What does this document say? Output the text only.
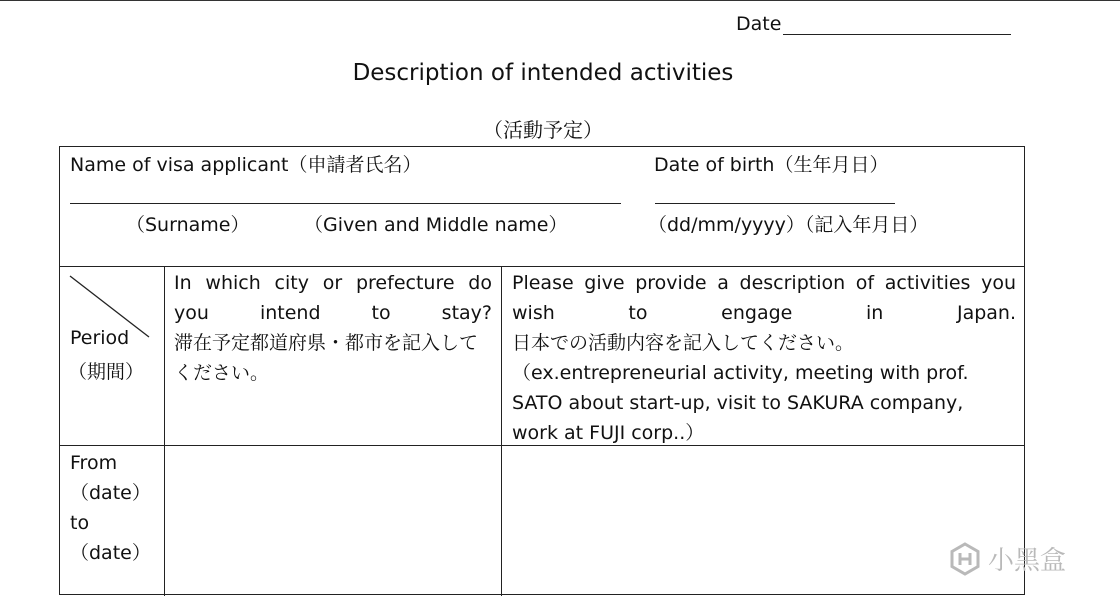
Date
Description of intended activities
（活動予定）
Name of visa applicant（申請者氏名）
（Surname）	（Given and Middle name）
Date of birth（生年月日）
（dd/mm/yyyy）（記入年月日）
Period
（期間）
In which city or prefecture do you intend to stay?
滞在予定都道府県・都市を記入してください。
Please give provide a description of activities you wish to engage in Japan.
日本での活動内容を記入してください。
（ex.entrepreneurial activity, meeting with prof. SATO about start-up, visit to SAKURA company, work at FUJI corp..）
From
（date）
to
（date）	小黑盒
